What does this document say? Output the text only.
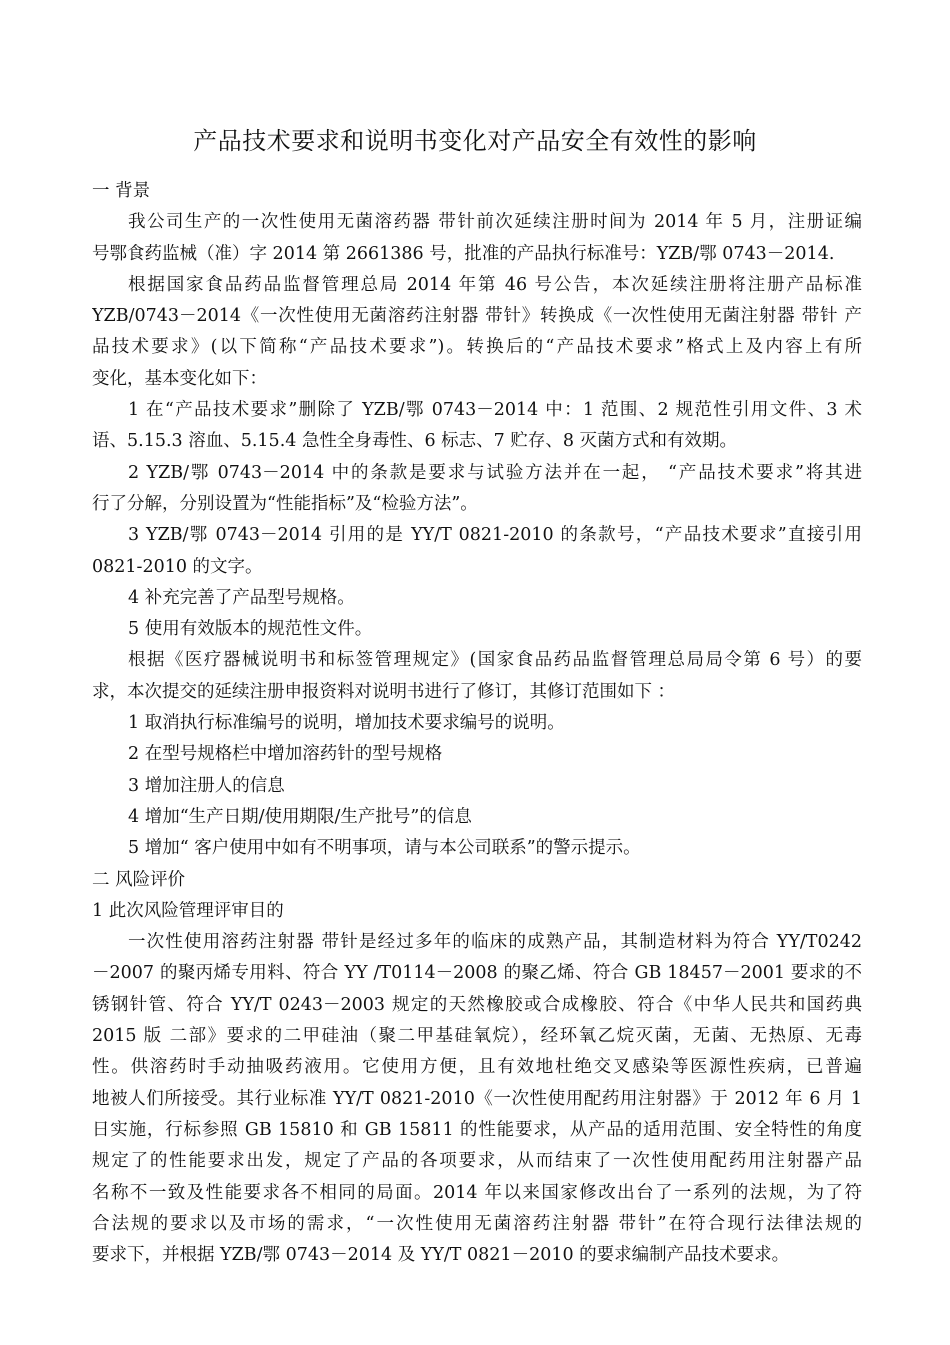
产品技术要求和说明书变化对产品安全有效性的影响
一 背景
我公司生产的一次性使用无菌溶药器 带针前次延续注册时间为 2014 年 5 月，注册证编
号鄂食药监械（准）字 2014 第 2661386 号，批准的产品执行标准号：YZB/鄂 0743－2014.
根据国家食品药品监督管理总局 2014 年第 46 号公告，本次延续注册将注册产品标准
YZB/0743－2014《一次性使用无菌溶药注射器 带针》转换成《一次性使用无菌注射器 带针 产
品技术要求》(以下简称“产品技术要求”)。转换后的“产品技术要求”格式上及内容上有所
变化，基本变化如下：
1 在“产品技术要求”删除了 YZB/鄂 0743－2014 中：1 范围、2 规范性引用文件、3 术
语、5.15.3 溶血、5.15.4 急性全身毒性、6 标志、7 贮存、8 灭菌方式和有效期。
2 YZB/鄂 0743－2014 中的条款是要求与试验方法并在一起， “产品技术要求”将其进
行了分解，分别设置为“性能指标”及“检验方法”。
3 YZB/鄂 0743－2014 引用的是 YY/T 0821-2010 的条款号，“产品技术要求”直接引用
0821-2010 的文字。
4 补充完善了产品型号规格。
5 使用有效版本的规范性文件。
根据《医疗器械说明书和标签管理规定》(国家食品药品监督管理总局局令第 6 号）的要
求，本次提交的延续注册申报资料对说明书进行了修订，其修订范围如下 ：
1 取消执行标准编号的说明，增加技术要求编号的说明。
2 在型号规格栏中增加溶药针的型号规格
3 增加注册人的信息
4 增加“生产日期/使用期限/生产批号”的信息
5 增加“ 客户使用中如有不明事项，请与本公司联系”的警示提示。
二 风险评价
1 此次风险管理评审目的
一次性使用溶药注射器 带针是经过多年的临床的成熟产品，其制造材料为符合 YY/T0242
－2007 的聚丙烯专用料、符合 YY /T0114－2008 的聚乙烯、符合 GB 18457－2001 要求的不
锈钢针管、符合 YY/T 0243－2003 规定的天然橡胶或合成橡胶、符合《中华人民共和国药典
2015 版 二部》要求的二甲硅油（聚二甲基硅氧烷），经环氧乙烷灭菌，无菌、无热原、无毒
性。供溶药时手动抽吸药液用。它使用方便，且有效地杜绝交叉感染等医源性疾病，已普遍
地被人们所接受。其行业标准 YY/T 0821-2010《一次性使用配药用注射器》于 2012 年 6 月 1
日实施，行标参照 GB 15810 和 GB 15811 的性能要求，从产品的适用范围、安全特性的角度
规定了的性能要求出发，规定了产品的各项要求，从而结束了一次性使用配药用注射器产品
名称不一致及性能要求各不相同的局面。2014 年以来国家修改出台了一系列的法规，为了符
合法规的要求以及市场的需求，“一次性使用无菌溶药注射器 带针”在符合现行法律法规的
要求下，并根据 YZB/鄂 0743－2014 及 YY/T 0821－2010 的要求编制产品技术要求。
